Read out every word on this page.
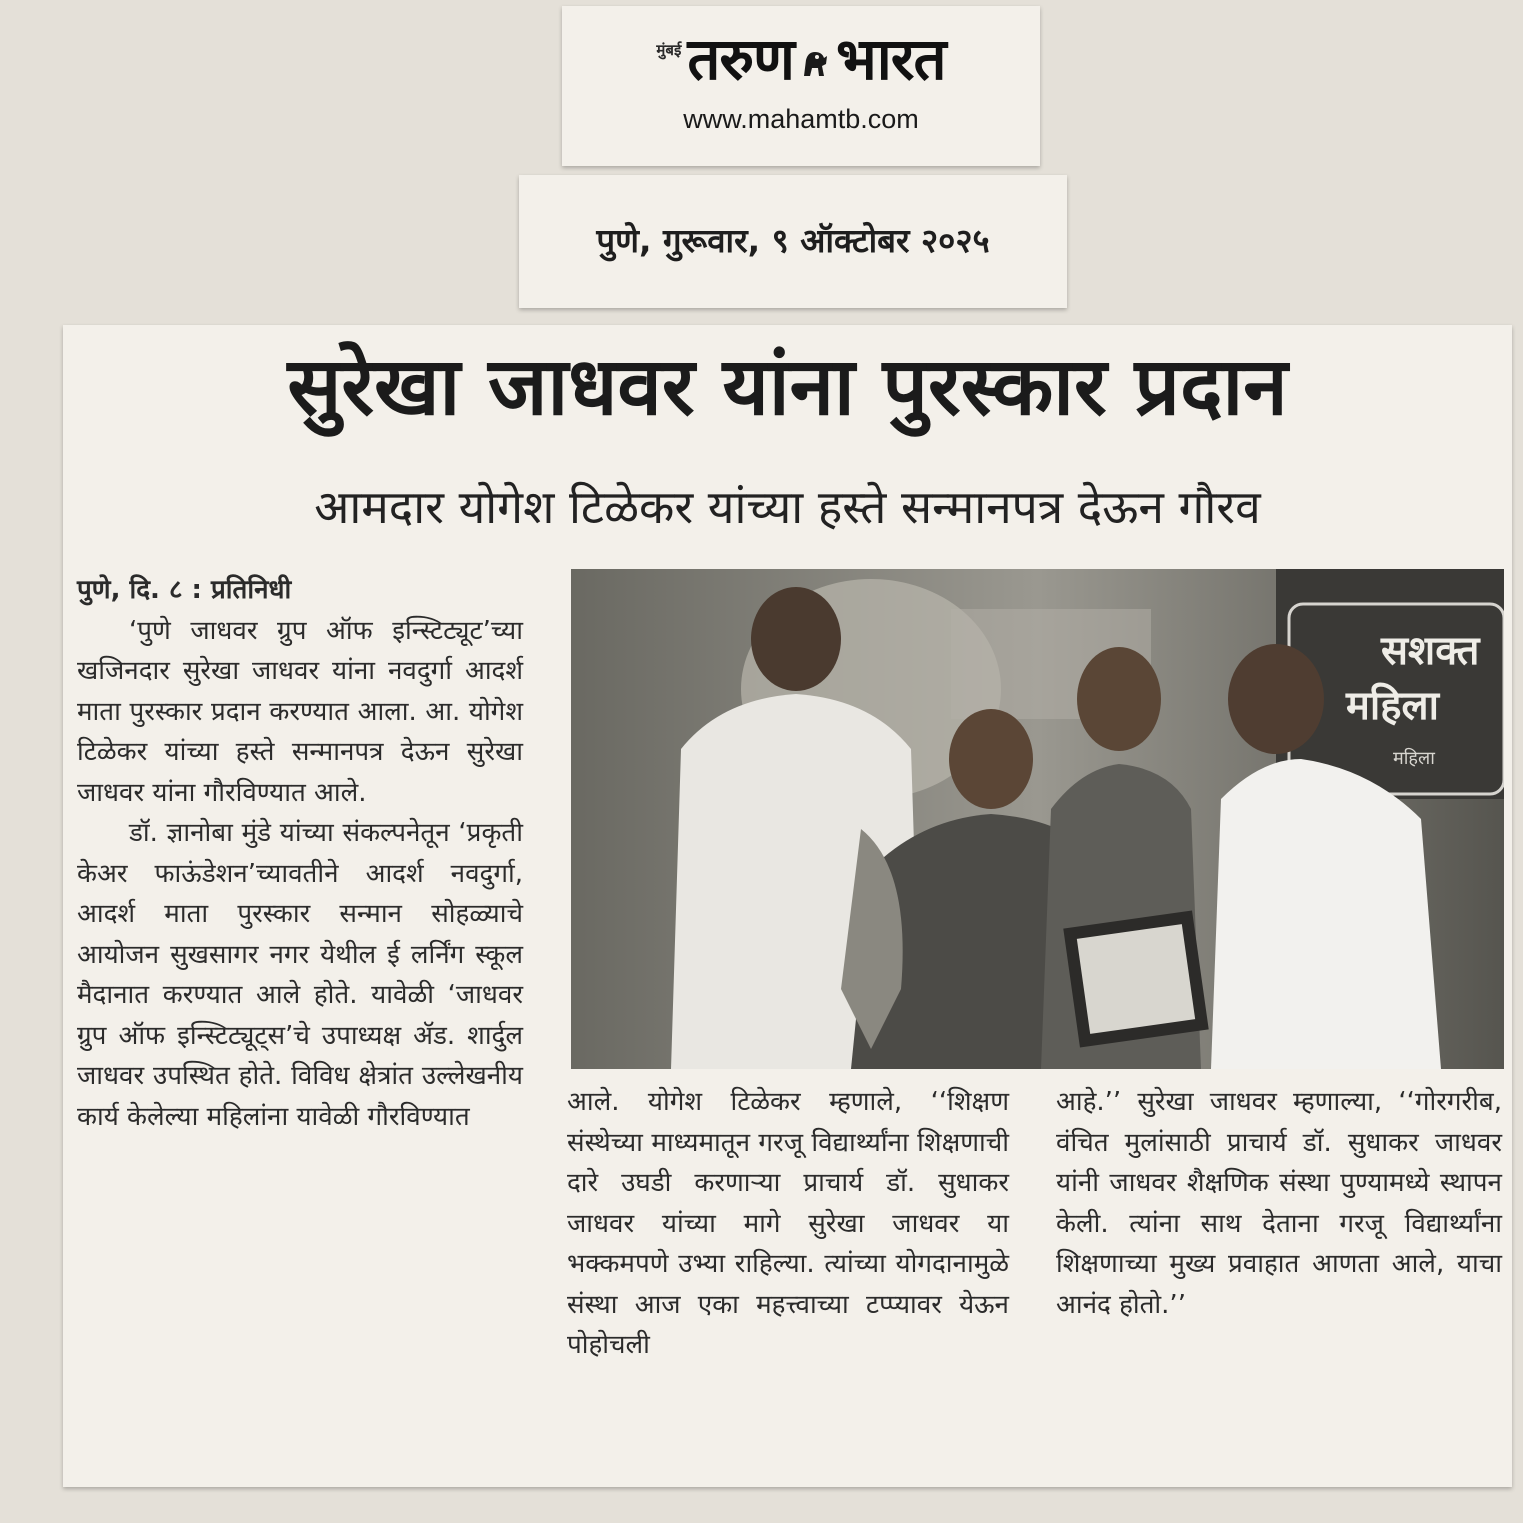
मुंबई तरुण भारत
www.mahamtb.com
पुणे, गुरूवार, ९ ऑक्टोबर २०२५
सुरेखा जाधवर यांना पुरस्कार प्रदान
आमदार योगेश टिळेकर यांच्या हस्ते सन्मानपत्र देऊन गौरव

पुणे, दि. ८ : प्रतिनिधी

‘पुणे जाधवर ग्रुप ऑफ इन्स्टिट्यूट’च्या खजिनदार सुरेखा जाधवर यांना नवदुर्गा आदर्श माता पुरस्कार प्रदान करण्यात आला. आ. योगेश टिळेकर यांच्या हस्ते सन्मानपत्र देऊन सुरेखा जाधवर यांना गौरविण्यात आले.

डॉ. ज्ञानोबा मुंडे यांच्या संकल्पनेतून ‘प्रकृती केअर फाऊंडेशन’च्यावतीने आदर्श नवदुर्गा, आदर्श माता पुरस्कार सन्मान सोहळ्याचे आयोजन सुखसागर नगर येथील ई लर्निंग स्कूल मैदानात करण्यात आले होते. यावेळी ‘जाधवर ग्रुप ऑफ इन्स्टिट्यूट्स’चे उपाध्यक्ष ॲड. शार्दुल जाधवर उपस्थित होते. विविध क्षेत्रांत उल्लेखनीय कार्य केलेल्या महिलांना यावेळी गौरविण्यात

सशक्त
महिला
महिला

आले. योगेश टिळेकर म्हणाले, ‘‘शिक्षण संस्थेच्या माध्यमातून गरजू विद्यार्थ्यांना शिक्षणाची दारे उघडी करणाऱ्या प्राचार्य डॉ. सुधाकर जाधवर यांच्या मागे सुरेखा जाधवर या भक्कमपणे उभ्या राहिल्या. त्यांच्या योगदानामुळे संस्था आज एका महत्त्वाच्या टप्प्यावर येऊन पोहोचली

आहे.’’ सुरेखा जाधवर म्हणाल्या, ‘‘गोरगरीब, वंचित मुलांसाठी प्राचार्य डॉ. सुधाकर जाधवर यांनी जाधवर शैक्षणिक संस्था पुण्यामध्ये स्थापन केली. त्यांना साथ देताना गरजू विद्यार्थ्यांना शिक्षणाच्या मुख्य प्रवाहात आणता आले, याचा आनंद होतो.’’
